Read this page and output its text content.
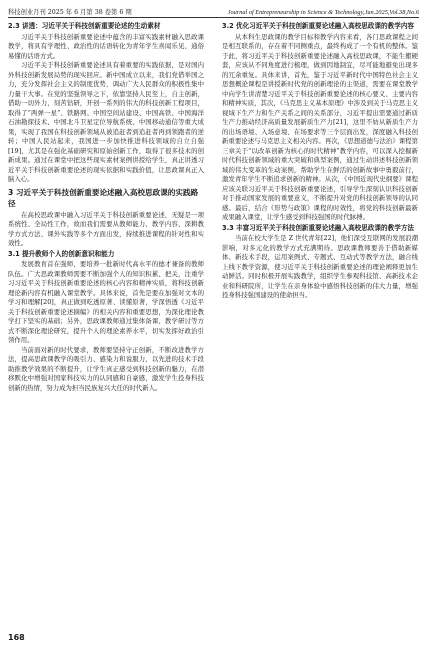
科技创业月刊 2025 年 6 月第 38 卷第 6 期	Journal of Entrepreneurship in Science & Technology,Jun.2025,Vol.38,No.6
2.3 讲透：习近平关于科技创新重要论述的生动素材

习近平关于科技创新重要论述中蕴含的丰富实践素材融入思政课教学，将具有学理性、政治性的话语转化为青年学生喜闻乐见、通俗易懂的话语方式。

习近平关于科技创新重要论述具有着重要的实践依据，是对国内外科技创新发展局势的现实回应。新中国成立以来，我们党借举国之力，充分发挥社会主义的制度优势，调动广大人民群众的积极性集中力量干大事。在党的坚强领导之下，依靠坚持人民至上，自主创新，借助一切外力，刻苦钻研，开创一系列的伟大的科技创新工程项目，取得了“两弹一星”、铁路网、中国空间站建设、中国高铁、中国海洋石油勘探技术、中国北斗卫星定位导航系统、中国移动通信等重大成果，实现了我国在科技创新领域从被追赶者到追赶者再到领跑者的逆转；中国人民站起来，我国进一步加快推进科技领域的自立自强[19]，尤其是在强化基础研究和原始创新工作，取得了很多技术的创新成果。通过在课堂中把这些现实素材案例讲授给学生，真正讲透习近平关于科技创新重要论述的现实依据和实践价值，让思政课真正入脑入心。

3 习近平关于科技创新重要论述融入高校思政课的实践路径

在高校思政课中融入习近平关于科技创新重要论述，无疑是一项系统性、全局性工作，故而我们需要从教师能力、教学内容、深耕教学方式方法、课外实践等多个方面出发，持续推进课程的针对性和实效性。

3.1 提升教师个人的创新意识和能力

发展教育首在强师，要培养一批新时代高水平的德才兼备的教师队伍。广大思政课教师需要不断加强个人的知识积累、把关，注重学习习近平关于科技创新重要论述的核心内容和精神实质，将科技创新理论新内容有机融入课堂教学。具体来说，首先是要在加强对文本的学习和理解[20]，真正做到吃透原著、读懂原著，学深悟透《习近平关于科技创新重要论述摘编》的相关内容和重要思想，为深化理论教学打下坚实的基础；另外，思政课教师通过集体备课、教学研讨等方式不断深化理论研究，提升个人的理论素养水平，切实发挥好政治引领作用。

当前面对新的时代要求，教师要坚持守正创新，不断改进教学方法，提高思政课教学的吸引力、感染力和说服力，以先进的技术手段助推教学效果的不断提升，让学生真正感受到科技创新的魅力，在潜移默化中增强对国家科技实力的认同感和自豪感，激发学生投身科技创新的热情，努力成为担当民族复兴大任的时代新人。

3.2 优化习近平关于科技创新重要论述融入高校思政课的教学内容

从本科生思政课的教学目标和教学内容来看，各门思政课程之间是相互联系的，存在着不同侧重点，最终构成了一个有机的整体。鉴于此，将习近平关于科技创新重要论述融入高校思政课，不能生搬硬套，应该从不同角度进行梳理，做到因地制宜，尽可能地避免出现多的冗余重复。具体来讲，首先，鉴于习近平新时代中国特色社会主义思想概论课程是讲授新时代党的创新理论的主渠道，需要在课堂教学中向学生讲清楚习近平关于科技创新重要论述的核心要义、主要内容和精神实质，其次，《马克思主义基本原理》中涉及到关于马克思主义视域下生产力和生产关系之间的关系部分，习近平提出需要通过新质生产力推动经济高质量发展新质生产力[21]，这里不妨从新质生产力的出场语境、入场意境、在场要求等三个层面出发，深度融入科技创新重要论述与马克思主义相关内容。再次，《思想道德与法治》课程第三章关于“以改革创新为核心的时代精神”教学内容，可以深入挖掘新时代科技创新领域的重大突破和典型案例，通过生动讲述科技创新领域的伟大变革的生动案例，帮助学生在鲜活的创新故事中勇毅前行，激发青年学生不断追求创新的精神。从次，《中国近现代史纲要》课程应该关联习近平关于科技创新重要论述，引导学生深刻认识科技创新对于推动国家发展的重要意义，不断提升对党的科技创新领导的认同感。最后，结合《形势与政策》课程的时效性，将党的科技创新最新成果融入课堂，让学生感受到科技强国的时代脉搏。

3.3 丰富习近平关于科技创新重要论述融入高校思政课的教学方法

当前在校大学生是 Z 世代青年[22]，他们深受互联网的发展浪潮影响，对多元化的教学方式充满期待。思政课教师要善于借助新媒体、新技术手段，运用案例式、专题式、互动式等教学方法，融合线上线下教学资源，使习近平关于科技创新重要论述的理论阐释更加生动鲜活。同时积极开展实践教学，组织学生参观科技馆、高新技术企业和科研院所，让学生在亲身体验中感悟科技创新的伟大力量，增强投身科技强国建设的使命担当。

168
